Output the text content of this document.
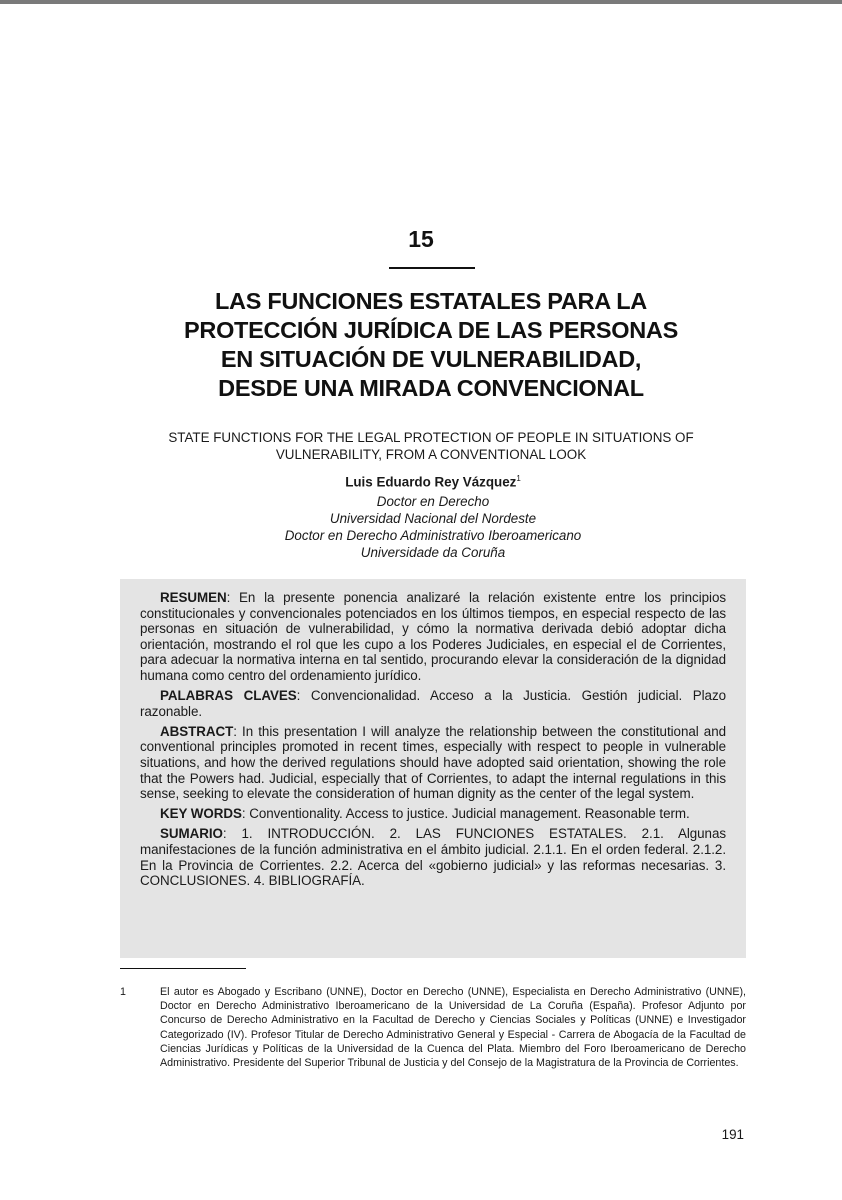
15
LAS FUNCIONES ESTATALES PARA LA
PROTECCIÓN JURÍDICA DE LAS PERSONAS
EN SITUACIÓN DE VULNERABILIDAD,
DESDE UNA MIRADA CONVENCIONAL
STATE FUNCTIONS FOR THE LEGAL PROTECTION OF PEOPLE IN SITUATIONS OF VULNERABILITY, FROM A CONVENTIONAL LOOK
Luis Eduardo Rey Vázquez$^1$
Doctor en Derecho
Universidad Nacional del Nordeste
Doctor en Derecho Administrativo Iberoamericano
Universidade da Coruña

RESUMEN: En la presente ponencia analizaré la relación existente entre los principios constitucionales y convencionales potenciados en los últimos tiempos, en especial respecto de las personas en situación de vulnerabilidad, y cómo la normativa derivada debió adoptar dicha orientación, mostrando el rol que les cupo a los Poderes Judiciales, en especial el de Corrientes, para adecuar la normativa interna en tal sentido, procurando elevar la consideración de la dignidad humana como centro del ordenamiento jurídico.

PALABRAS CLAVES: Convencionalidad. Acceso a la Justicia. Gestión judicial. Plazo razonable.

ABSTRACT: In this presentation I will analyze the relationship between the constitutional and conventional principles promoted in recent times, especially with respect to people in vulnerable situations, and how the derived regulations should have adopted said orientation, showing the role that the Powers had. Judicial, especially that of Corrientes, to adapt the internal regulations in this sense, seeking to elevate the consideration of human dignity as the center of the legal system.

KEY WORDS: Conventionality. Access to justice. Judicial management. Reasonable term.

SUMARIO: 1. INTRODUCCIÓN. 2. LAS FUNCIONES ESTATALES. 2.1. Algunas manifestaciones de la función administrativa en el ámbito judicial. 2.1.1. En el orden federal. 2.1.2. En la Provincia de Corrientes. 2.2. Acerca del «gobierno judicial» y las reformas necesarias. 3. CONCLUSIONES. 4. BIBLIOGRAFÍA.

1	El autor es Abogado y Escribano (UNNE), Doctor en Derecho (UNNE), Especialista en Derecho Administrativo (UNNE), Doctor en Derecho Administrativo Iberoamericano de la Universidad de La Coruña (España). Profesor Adjunto por Concurso de Derecho Administrativo en la Facultad de Derecho y Ciencias Sociales y Políticas (UNNE) e Investigador Categorizado (IV). Profesor Titular de Derecho Administrativo General y Especial - Carrera de Abogacía de la Facultad de Ciencias Jurídicas y Políticas de la Universidad de la Cuenca del Plata. Miembro del Foro Iberoamericano de Derecho Administrativo. Presidente del Superior Tribunal de Justicia y del Consejo de la Magistratura de la Provincia de Corrientes.
191
